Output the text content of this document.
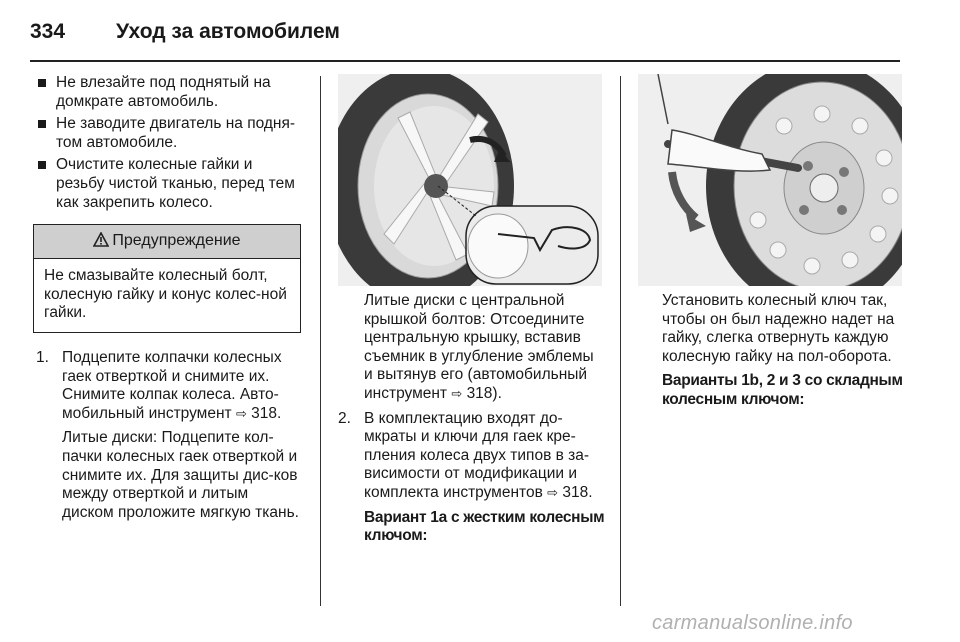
334 Уход за автомобилем
Не влезайте под поднятый на домкрате автомобиль.
Не заводите двигатель на подня-том автомобиле.
Очистите колесные гайки и резьбу чистой тканью, перед тем как закрепить колесо.
Предупреждение
Не смазывайте колесный болт, колесную гайку и конус колес-ной гайки.
1. Подцепите колпачки колесных гаек отверткой и снимите их. Снимите колпак колеса. Авто-мобильный инструмент ⇨ 318.
Литые диски: Подцепите кол-пачки колесных гаек отверткой и снимите их. Для защиты дис-ков между отверткой и литым диском проложите мягкую ткань.
Литые диски с центральной крышкой болтов: Отсоедините центральную крышку, вставив съемник в углубление эмблемы и вытянув его (автомобильный инструмент ⇨ 318).
2. В комплектацию входят до-мкраты и ключи для гаек кре-пления колеса двух типов в за-висимости от модификации и комплекта инструментов ⇨ 318.
Вариант 1a с жестким колесным ключом:
Установить колесный ключ так, чтобы он был надежно надет на гайку, слегка отвернуть каждую колесную гайку на пол-оборота.
Варианты 1b, 2 и 3 со складным колесным ключом:
carmanualsonline.info
